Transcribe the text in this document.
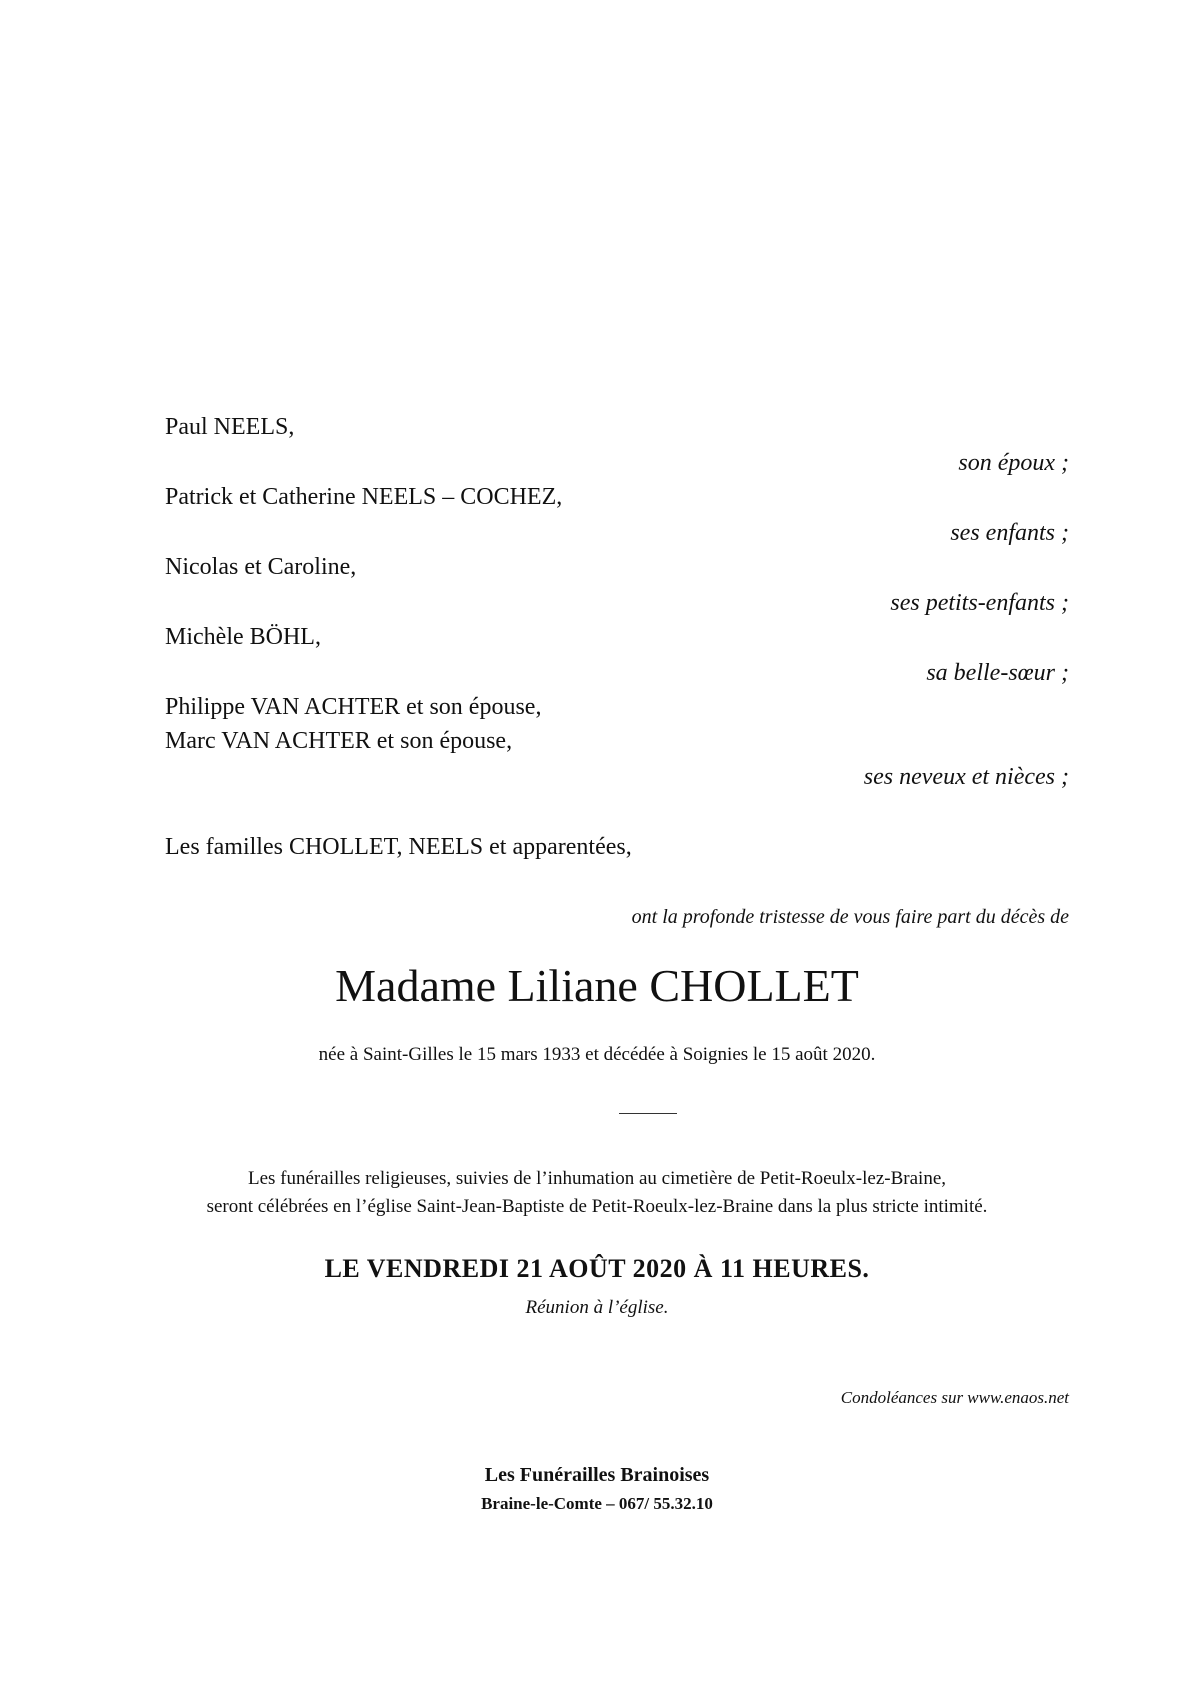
Paul NEELS,
son époux ;
Patrick et Catherine NEELS – COCHEZ,
ses enfants ;
Nicolas et Caroline,
ses petits-enfants ;
Michèle BÖHL,
sa belle-sœur ;
Philippe VAN ACHTER et son épouse,
Marc VAN ACHTER et son épouse,
ses neveux et nièces ;
Les familles CHOLLET, NEELS et apparentées,
ont la profonde tristesse de vous faire part du décès de
Madame Liliane CHOLLET
née à Saint-Gilles le 15 mars 1933 et décédée à Soignies le 15 août 2020.
Les funérailles religieuses, suivies de l’inhumation au cimetière de Petit-Roeulx-lez-Braine,
seront célébrées en l’église Saint-Jean-Baptiste de Petit-Roeulx-lez-Braine dans la plus stricte intimité.
LE VENDREDI 21 AOÛT 2020 À 11 HEURES.
Réunion à l’église.
Condoléances sur www.enaos.net
Les Funérailles Brainoises
Braine-le-Comte – 067/ 55.32.10
